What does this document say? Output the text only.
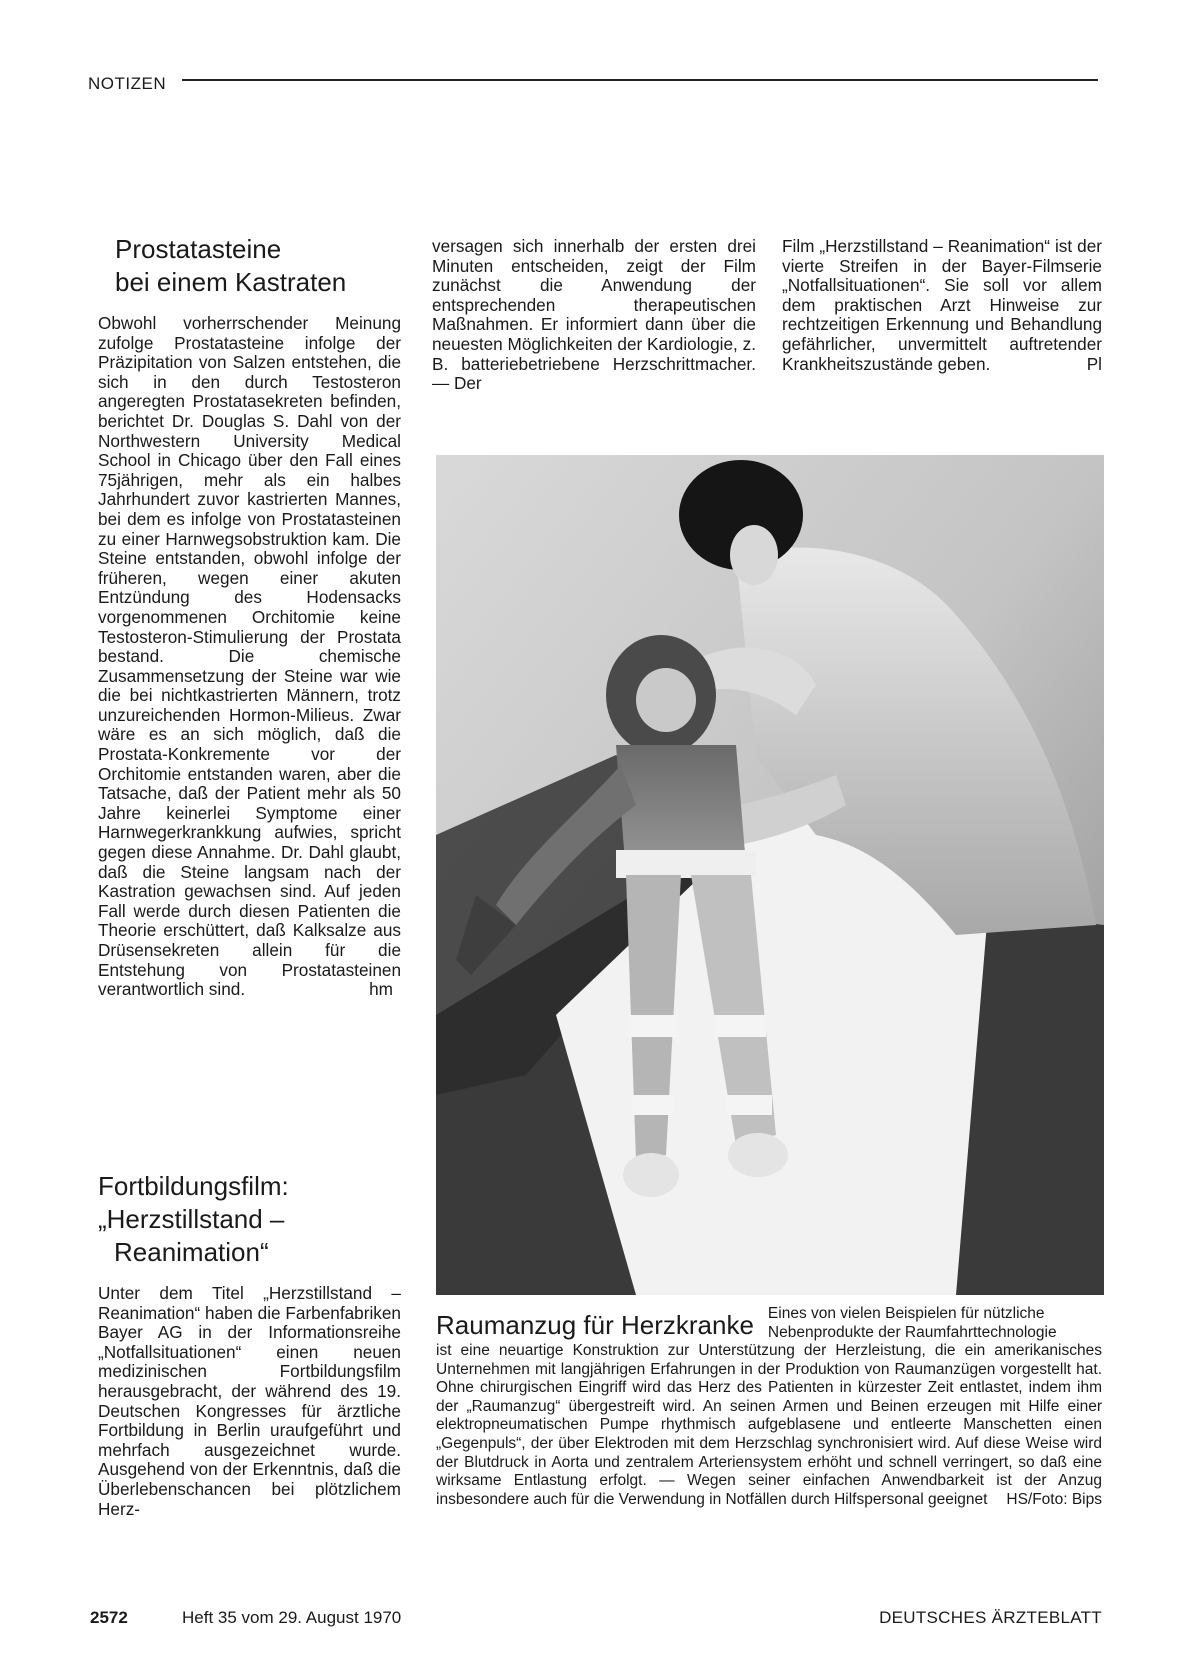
NOTIZEN
Prostatasteine
bei einem Kastraten

Obwohl vorherrschender Meinung zufolge Prostatasteine infolge der Präzipitation von Salzen entstehen, die sich in den durch Testosteron angeregten Prostatasekreten befinden, berichtet Dr. Douglas S. Dahl von der Northwestern University Medical School in Chicago über den Fall eines 75jährigen, mehr als ein halbes Jahrhundert zuvor kastrierten Mannes, bei dem es infolge von Prostatasteinen zu einer Harnwegsobstruktion kam. Die Steine entstanden, obwohl infolge der früheren, wegen einer akuten Entzündung des Hodensacks vorgenommenen Orchitomie keine Testosteron-Stimulierung der Prostata bestand. Die chemische Zusammensetzung der Steine war wie die bei nichtkastrierten Männern, trotz unzureichenden Hormon-Milieus. Zwar wäre es an sich möglich, daß die Prostata-Konkremente vor der Orchitomie entstanden waren, aber die Tatsache, daß der Patient mehr als 50 Jahre keinerlei Symptome einer Harnwegerkrankkung aufwies, spricht gegen diese Annahme. Dr. Dahl glaubt, daß die Steine langsam nach der Kastration gewachsen sind. Auf jeden Fall werde durch diesen Patienten die Theorie erschüttert, daß Kalksalze aus Drüsensekreten allein für die Entstehung von Prostatasteinen verantwortlich sind.	hm

Fortbildungsfilm:
„Herzstillstand –
Reanimation“

Unter dem Titel „Herzstillstand – Reanimation“ haben die Farbenfabriken Bayer AG in der Informationsreihe „Notfallsituationen“ einen neuen medizinischen Fortbildungsfilm herausgebracht, der während des 19. Deutschen Kongresses für ärztliche Fortbildung in Berlin uraufgeführt und mehrfach ausgezeichnet wurde. Ausgehend von der Erkenntnis, daß die Überlebenschancen bei plötzlichem Herz-

versagen sich innerhalb der ersten drei Minuten entscheiden, zeigt der Film zunächst die Anwendung der entsprechenden therapeutischen Maßnahmen. Er informiert dann über die neuesten Möglichkeiten der Kardiologie, z. B. batteriebetriebene Herzschrittmacher. — Der

Film „Herzstillstand – Reanimation“ ist der vierte Streifen in der Bayer-Filmserie „Notfallsituationen“. Sie soll vor allem dem praktischen Arzt Hinweise zur rechtzeitigen Erkennung und Behandlung gefährlicher, unvermittelt auftretender Krankheitszustände geben.	Pl

Raumanzug für Herzkranke Eines von vielen Beispielen für nützliche Nebenprodukte der Raumfahrttechnologie
ist eine neuartige Konstruktion zur Unterstützung der Herzleistung, die ein amerikanisches Unternehmen mit langjährigen Erfahrungen in der Produktion von Raumanzügen vorgestellt hat. Ohne chirurgischen Eingriff wird das Herz des Patienten in kürzester Zeit entlastet, indem ihm der „Raumanzug“ übergestreift wird. An seinen Armen und Beinen erzeugen mit Hilfe einer elektropneumatischen Pumpe rhythmisch aufgeblasene und entleerte Manschetten einen „Gegenpuls“, der über Elektroden mit dem Herzschlag synchronisiert wird. Auf diese Weise wird der Blutdruck in Aorta und zentralem Arteriensystem erhöht und schnell verringert, so daß eine wirksame Entlastung erfolgt. — Wegen seiner einfachen Anwendbarkeit ist der Anzug insbesondere auch für die Verwendung in Notfällen durch Hilfspersonal geeignet HS/Foto: Bips
2572	Heft 35 vom 29. August 1970	DEUTSCHES ÄRZTEBLATT
